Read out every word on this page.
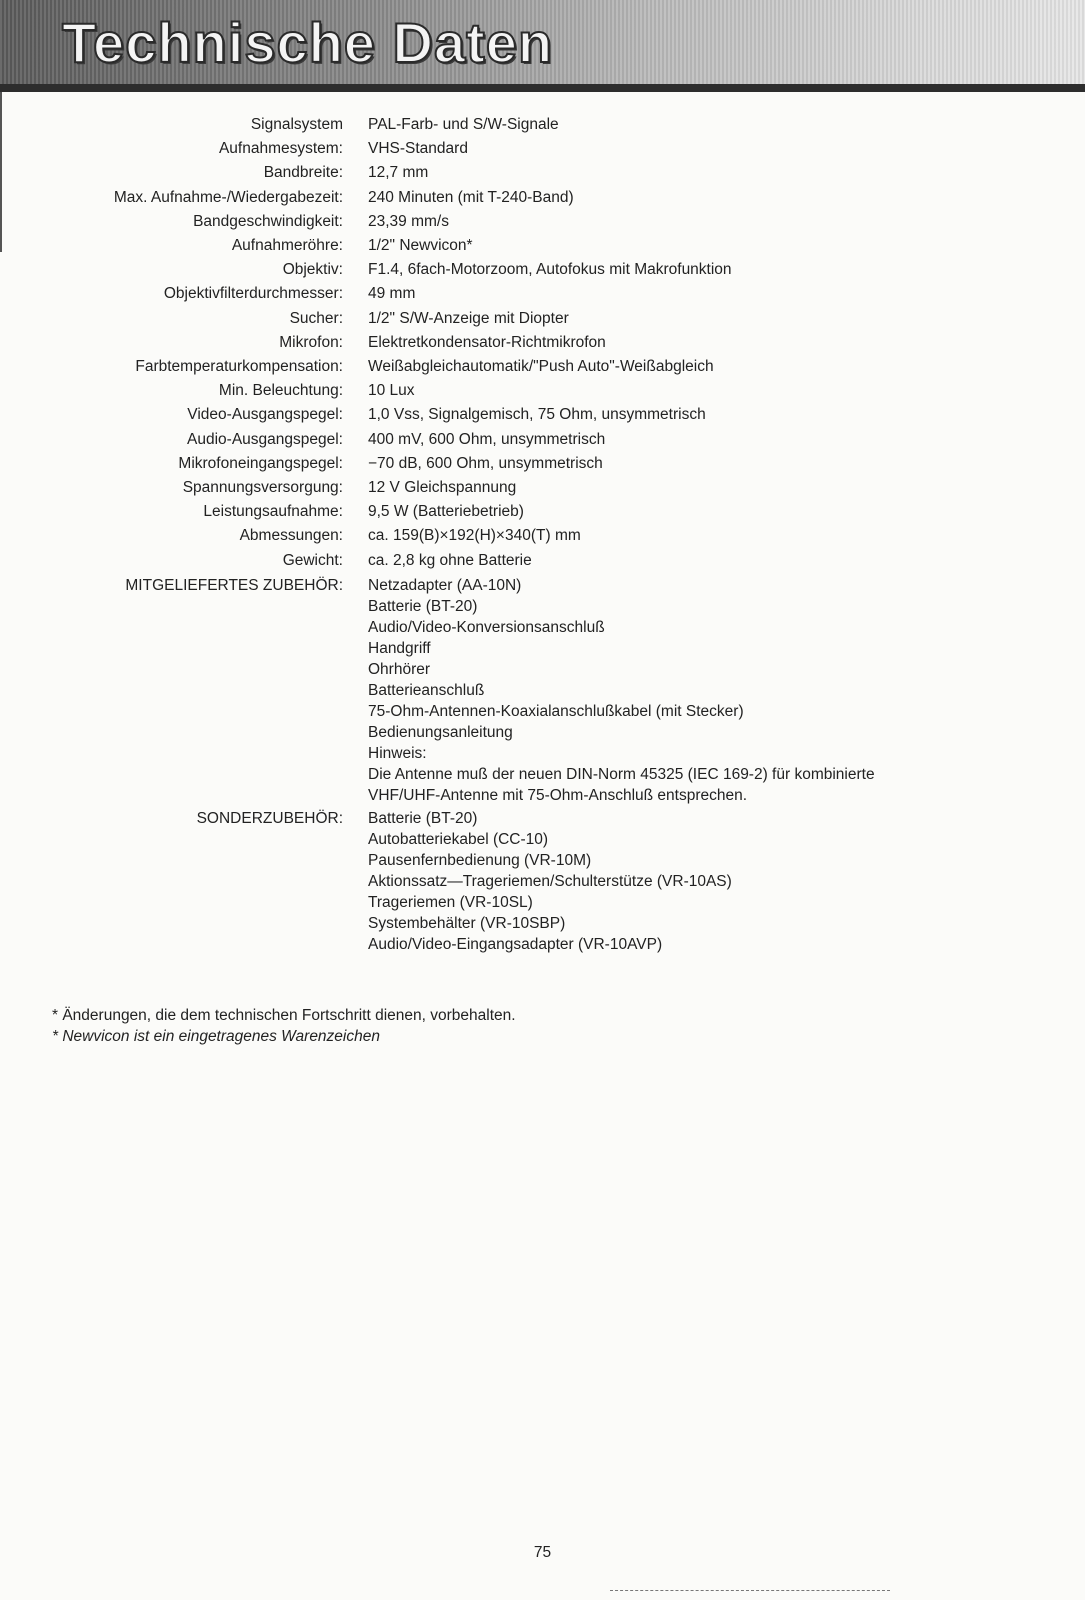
Technische Daten
Signalsystem	PAL-Farb- und S/W-Signale
Aufnahmesystem:	VHS-Standard
Bandbreite:	12,7 mm
Max. Aufnahme-/Wiedergabezeit:	240 Minuten (mit T-240-Band)
Bandgeschwindigkeit:	23,39 mm/s
Aufnahmeröhre:	1/2" Newvicon*
Objektiv:	F1.4, 6fach-Motorzoom, Autofokus mit Makrofunktion
Objektivfilterdurchmesser:	49 mm
Sucher:	1/2" S/W-Anzeige mit Diopter
Mikrofon:	Elektretkondensator-Richtmikrofon
Farbtemperaturkompensation:	Weißabgleichautomatik/"Push Auto"-Weißabgleich
Min. Beleuchtung:	10 Lux
Video-Ausgangspegel:	1,0 Vss, Signalgemisch, 75 Ohm, unsymmetrisch
Audio-Ausgangspegel:	400 mV, 600 Ohm, unsymmetrisch
Mikrofoneingangspegel:	−70 dB, 600 Ohm, unsymmetrisch
Spannungsversorgung:	12 V Gleichspannung
Leistungsaufnahme:	9,5 W (Batteriebetrieb)
Abmessungen:	ca. 159(B)×192(H)×340(T) mm
Gewicht:	ca. 2,8 kg ohne Batterie
MITGELIEFERTES ZUBEHÖR:	Netzadapter (AA-10N)
Batterie (BT-20)
Audio/Video-Konversionsanschluß
Handgriff
Ohrhörer
Batterieanschluß
75-Ohm-Antennen-Koaxialanschlußkabel (mit Stecker)
Bedienungsanleitung
Hinweis:
Die Antenne muß der neuen DIN-Norm 45325 (IEC 169-2) für kombinierte
VHF/UHF-Antenne mit 75-Ohm-Anschluß entsprechen.
SONDERZUBEHÖR:	Batterie (BT-20)
Autobatteriekabel (CC-10)
Pausenfernbedienung (VR-10M)
Aktionssatz—Trageriemen/Schulterstütze (VR-10AS)
Trageriemen (VR-10SL)
Systembehälter (VR-10SBP)
Audio/Video-Eingangsadapter (VR-10AVP)
* Änderungen, die dem technischen Fortschritt dienen, vorbehalten.
* Newvicon ist ein eingetragenes Warenzeichen
75
